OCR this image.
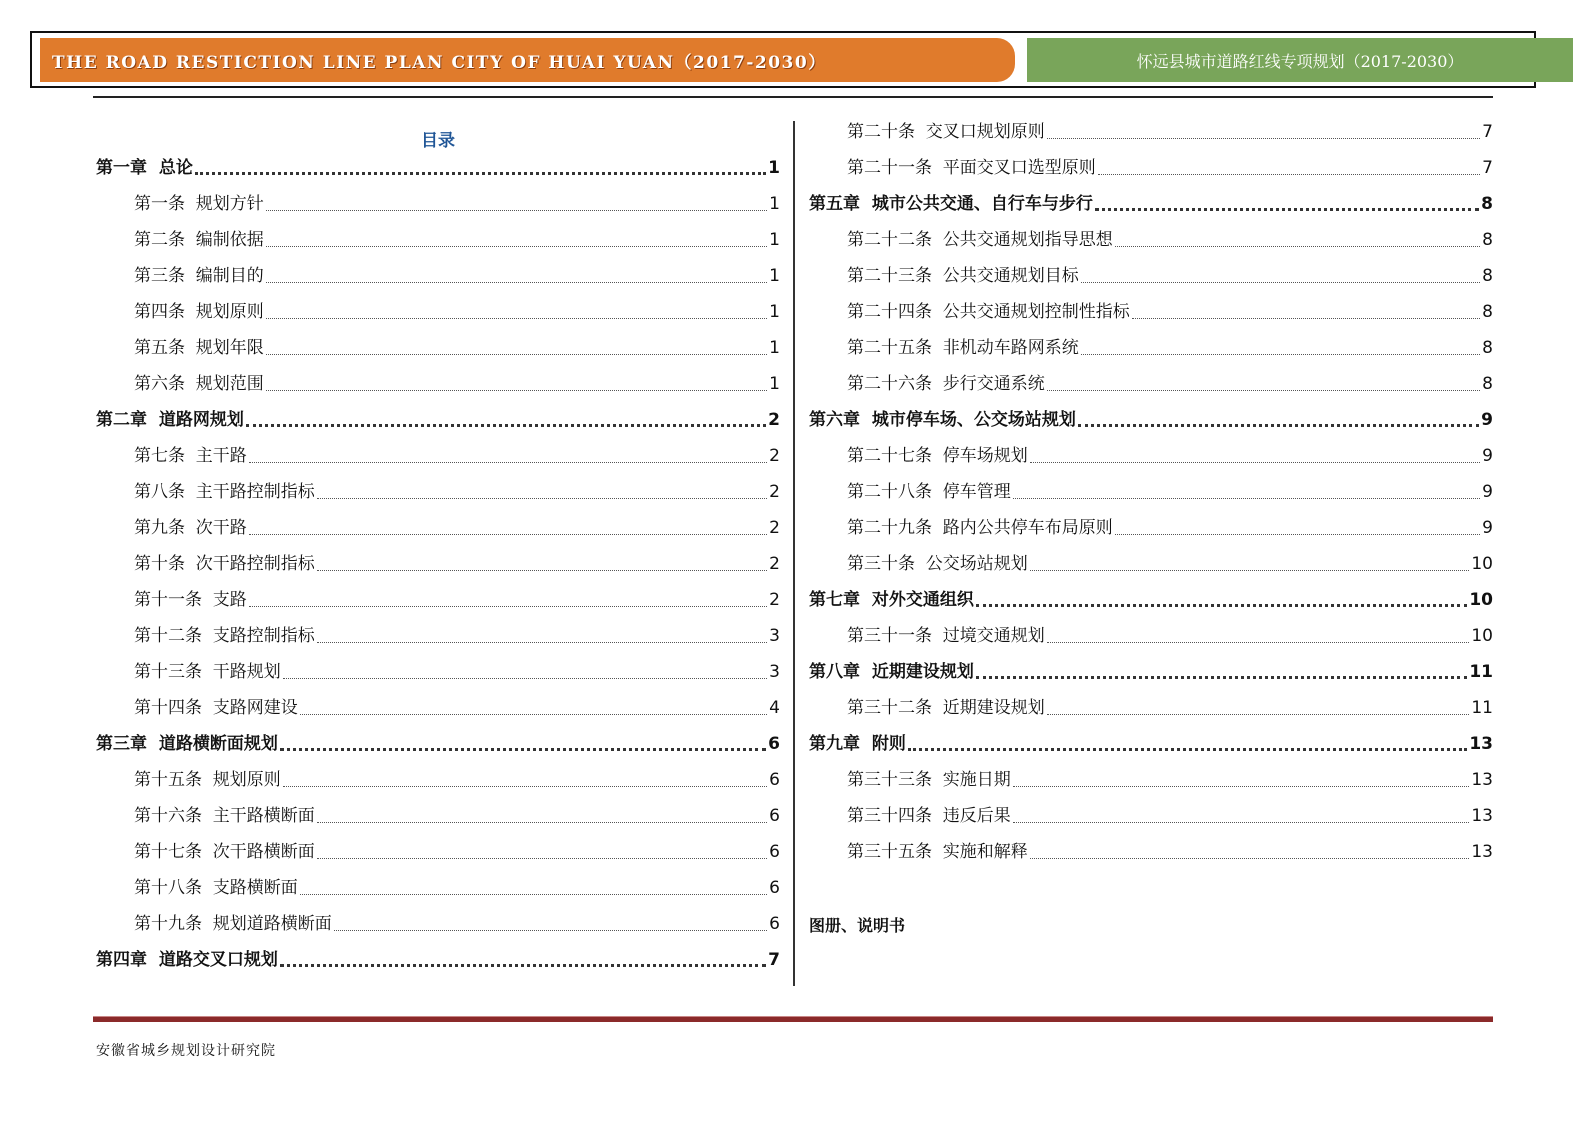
THE ROAD RESTICTION LINE PLAN CITY OF HUAI YUAN（2017-2030）	怀远县城市道路红线专项规划（2017-2030）
目录
第一章  总论	1
第一条  规划方针	1
第二条  编制依据	1
第三条  编制目的	1
第四条  规划原则	1
第五条  规划年限	1
第六条  规划范围	1
第二章  道路网规划	2
第七条  主干路	2
第八条  主干路控制指标	2
第九条  次干路	2
第十条  次干路控制指标	2
第十一条  支路	2
第十二条  支路控制指标	3
第十三条  干路规划	3
第十四条  支路网建设	4
第三章  道路横断面规划	6
第十五条  规划原则	6
第十六条  主干路横断面	6
第十七条  次干路横断面	6
第十八条  支路横断面	6
第十九条  规划道路横断面	6
第四章  道路交叉口规划	7
第二十条  交叉口规划原则	7
第二十一条  平面交叉口选型原则	7
第五章  城市公共交通、自行车与步行	8
第二十二条  公共交通规划指导思想	8
第二十三条  公共交通规划目标	8
第二十四条  公共交通规划控制性指标	8
第二十五条  非机动车路网系统	8
第二十六条  步行交通系统	8
第六章  城市停车场、公交场站规划	9
第二十七条  停车场规划	9
第二十八条  停车管理	9
第二十九条  路内公共停车布局原则	9
第三十条  公交场站规划	10
第七章  对外交通组织	10
第三十一条  过境交通规划	10
第八章  近期建设规划	11
第三十二条  近期建设规划	11
第九章  附则	13
第三十三条  实施日期	13
第三十四条  违反后果	13
第三十五条  实施和解释	13
图册、说明书
安徽省城乡规划设计研究院
